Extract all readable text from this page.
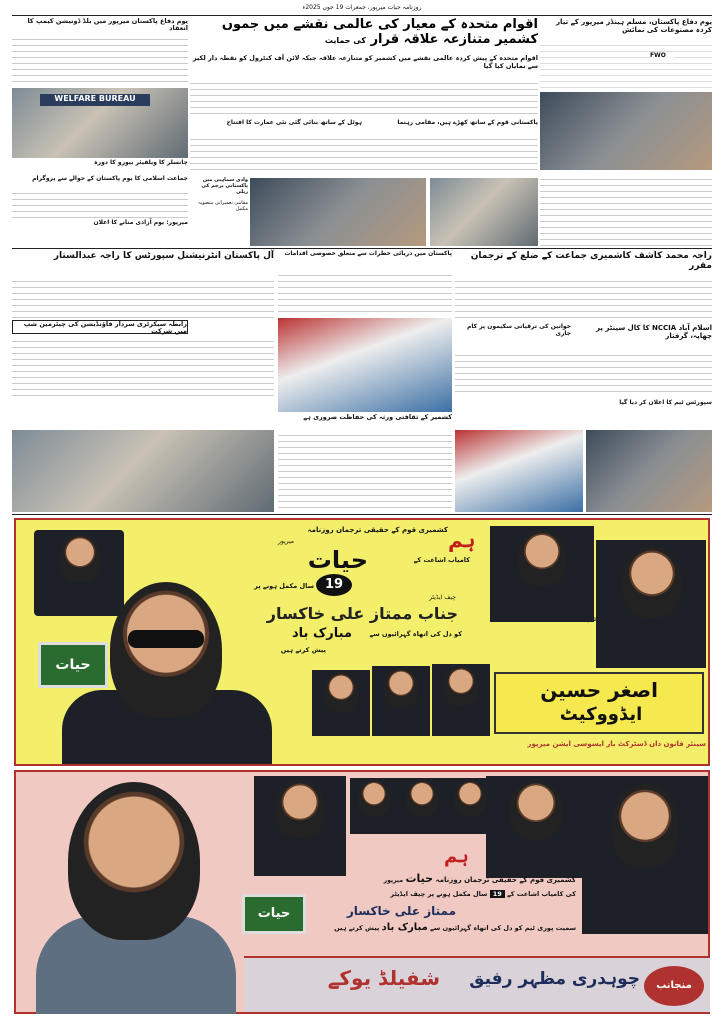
روزنامہ حیات میرپور، جمعرات 19 جون 2025ء
یوم دفاع پاکستان، مسلم ہینڈز میرپور کے تیار کردہ مصنوعات کی نمائش
FWO
اقوام متحدہ کے معیار کی عالمی نقشے میں جموں کشمیر متنازعہ علاقہ قرار کی حمایت
اقوام متحدہ کے پیش کردہ عالمی نقشے میں کشمیر کو متنازعہ علاقہ جبکہ لائن آف کنٹرول کو نقطہ دار لکیر سے نمایاں کیا گیا
پاکستانی قوم کے ساتھ کھڑے ہیں، مقامی رہنما
ہوٹل کے ساتھ بنائی گئی نئی عمارت کا افتتاح
وادی سماہنی میں پاکستانی پرچم کی ریلی
مقامی تعمیراتی منصوبہ مکمل
یوم دفاع پاکستان میرپور میں بلڈ ڈونیشن کیمپ کا انعقاد
WELFARE BUREAU
چانسلر کا ویلفیئر بیورو کا دورہ
جماعت اسلامی کا یوم پاکستان کے حوالے سے پروگرام
میرپور: یوم آزادی منانے کا اعلان
راجہ محمد کاشف کاشمیری جماعت کے ضلع کے ترجمان مقرر
پاکستان میں دریائی خطرات سے متعلق خصوصی اقدامات
آل پاکستان انٹرنیشنل سپورٹس کا راجہ عبدالستار
رابطہ سیکرٹری سردار فاؤنڈیشن کی چیئرمین شپ میں شرکت	اسلام آباد NCCIA کا کال سینٹر پر چھاپہ، گرفتار
خواتین کی ترقیاتی سکیموں پر کام جاری
کشمیر کے ثقافتی ورثہ کی حفاظت ضروری ہے
سپورٹس ٹیم کا اعلان کر دیا گیا
حیات
کشمیری قوم کے حقیقی ترجمان روزنامہ
میرپور	ہم
حیات	کامیاب اشاعت کے
19
سال مکمل ہونے پر
چیف ایڈیٹر
جناب ممتاز علی خاکسار
کو دل کی اتھاہ گہرائیوں سے
مبارک باد
پیش کرتے ہیں
اصغر حسین
ایڈووکیٹ
سینئر قانون دان ڈسٹرکٹ بار ایسوسی ایشن میرپور
حیات
ہم
کشمیری قوم کے حقیقی ترجمان روزنامہ حیات میرپور
کی کامیاب اشاعت کے 19 سال مکمل ہونے پر چیف ایڈیٹر
ممتاز علی خاکسار
سمیت پوری ٹیم کو دل کی اتھاہ گہرائیوں سے مبارک باد پیش کرتے ہیں
منجانب
چوہدری مظہر رفیق
شفیلڈ یوکے
